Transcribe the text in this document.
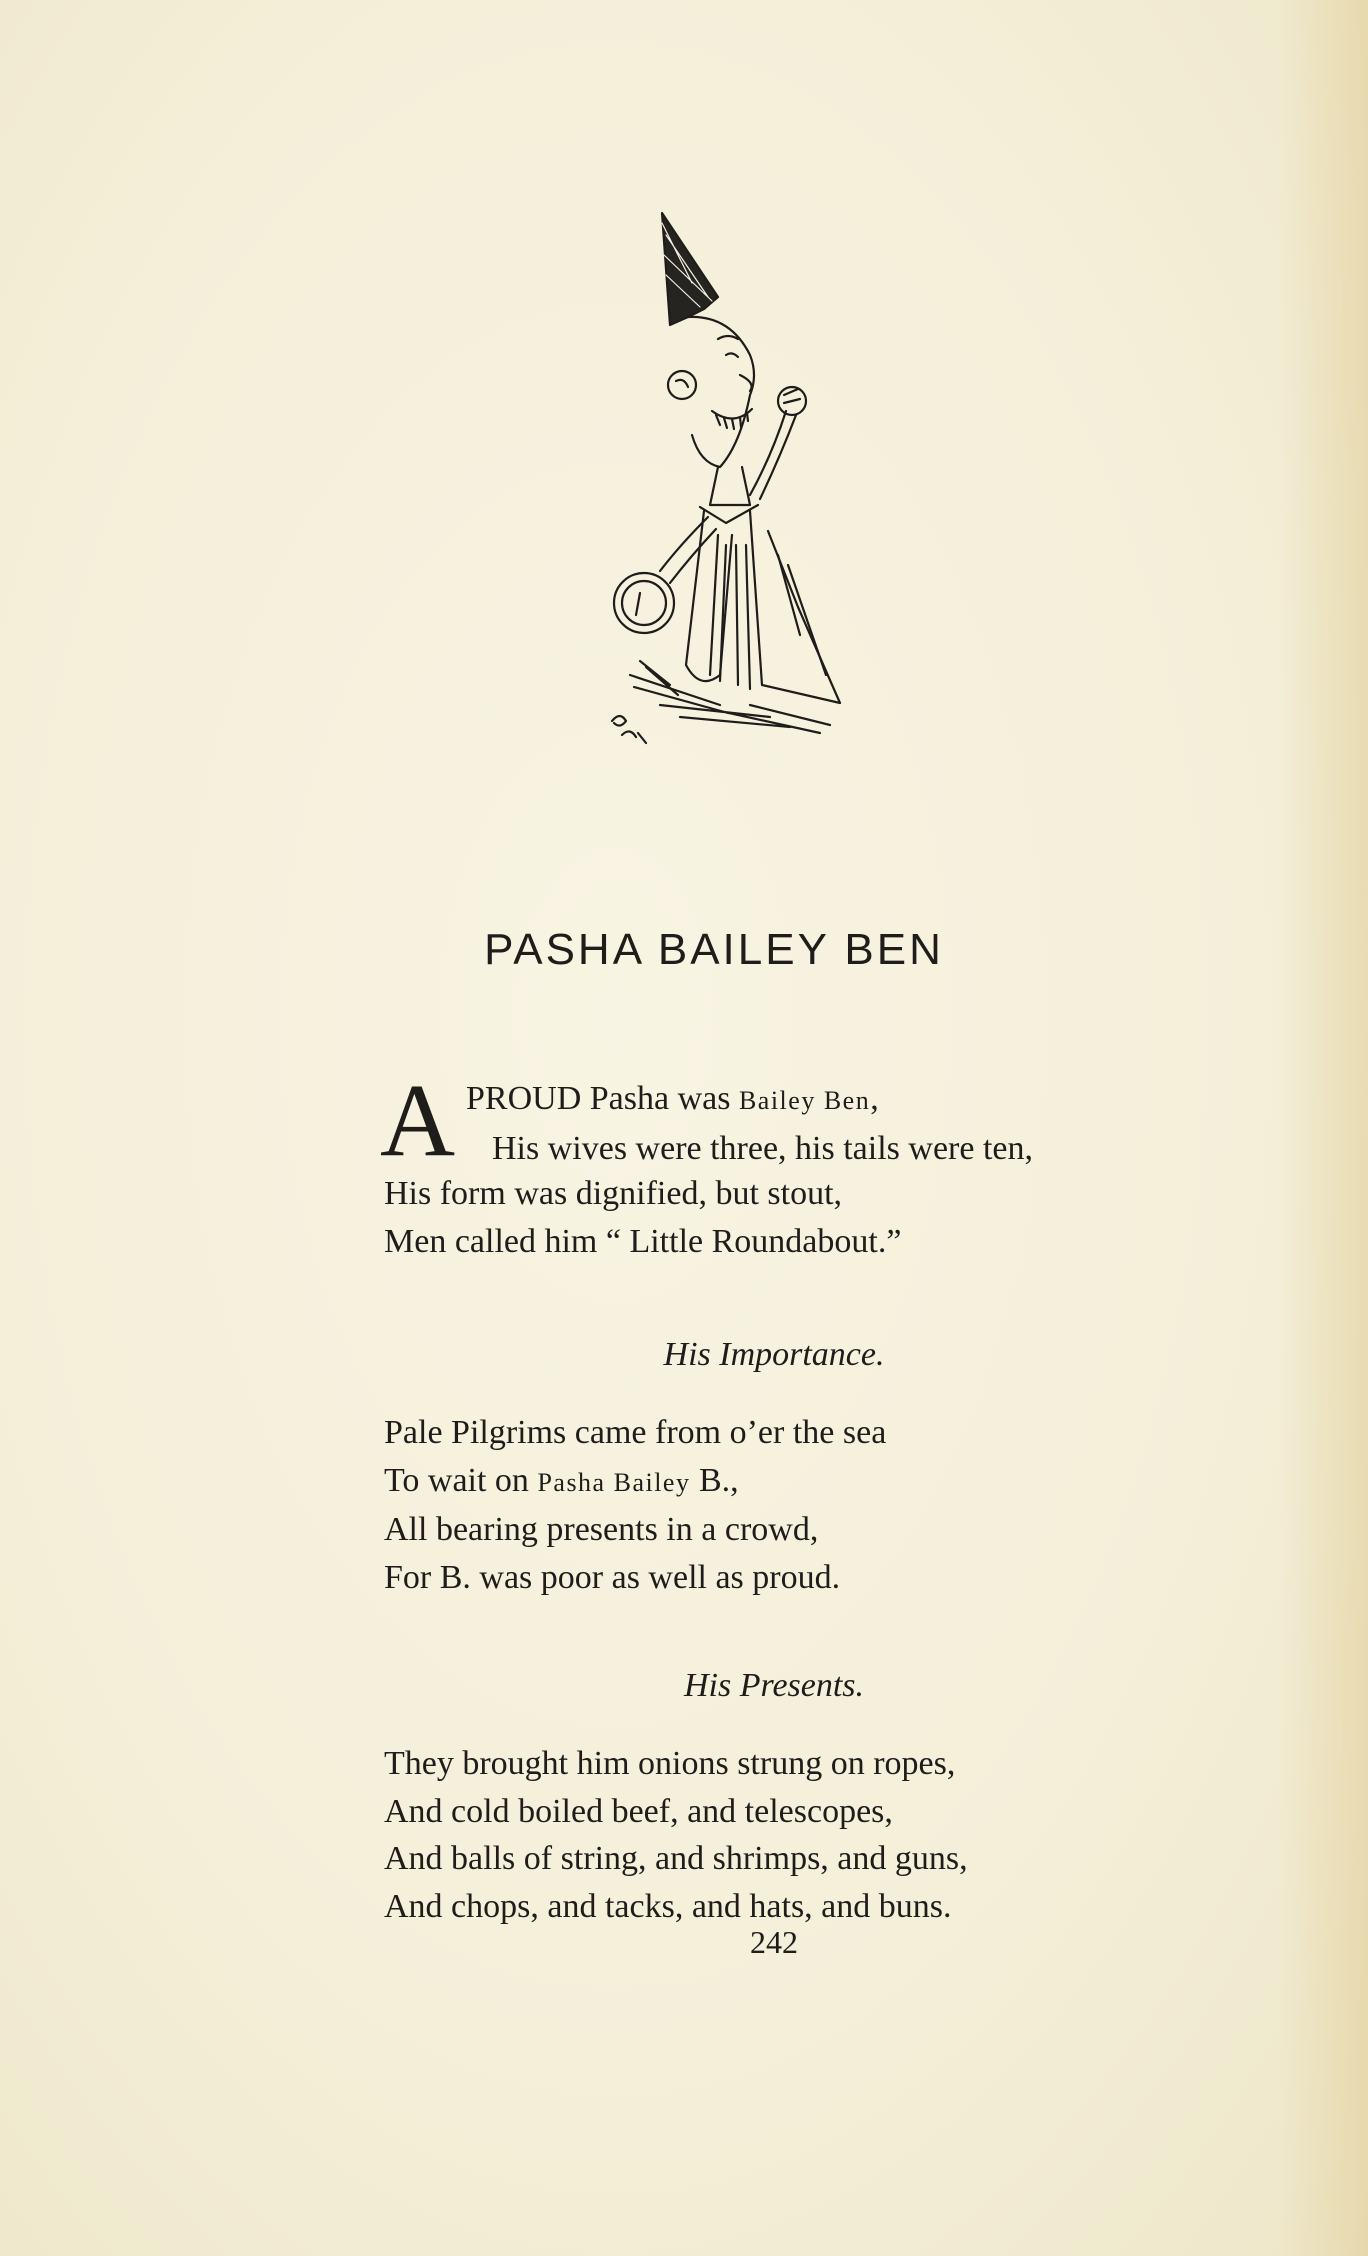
PASHA BAILEY BEN
A PROUD Pasha was Bailey Ben,
His wives were three, his tails were ten,
His form was dignified, but stout,
Men called him “ Little Roundabout.”
His Importance.
Pale Pilgrims came from o’er the sea
To wait on Pasha Bailey B.,
All bearing presents in a crowd,
For B. was poor as well as proud.
His Presents.
They brought him onions strung on ropes,
And cold boiled beef, and telescopes,
And balls of string, and shrimps, and guns,
And chops, and tacks, and hats, and buns.
242
